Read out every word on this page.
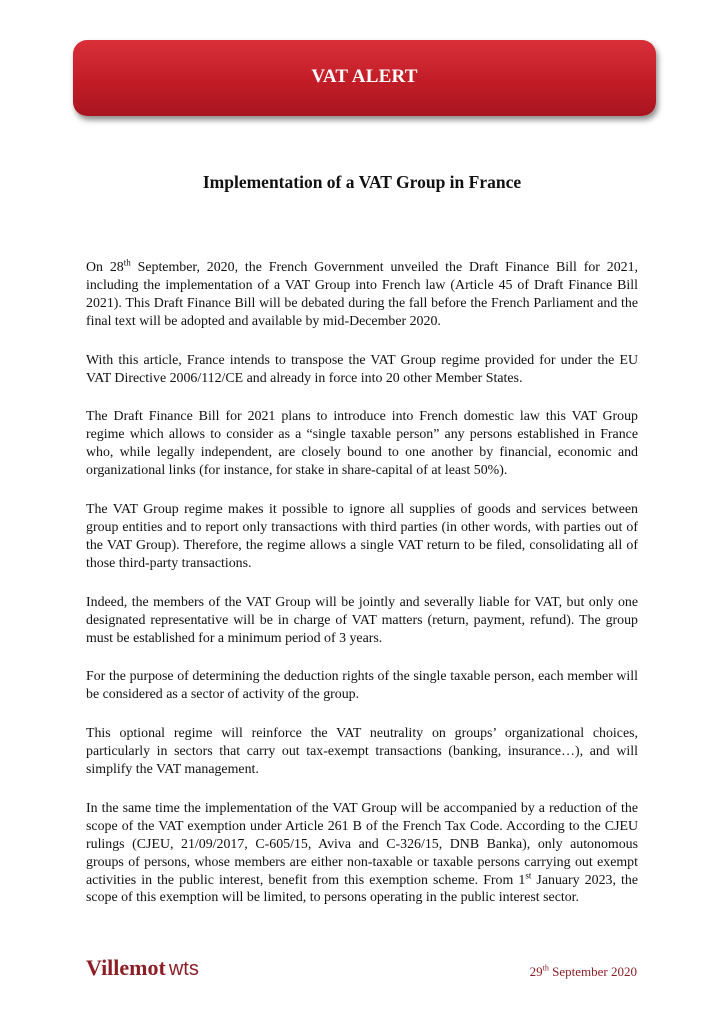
VAT ALERT
Implementation of a VAT Group in France

On 28th September, 2020, the French Government unveiled the Draft Finance Bill for 2021, including the implementation of a VAT Group into French law (Article 45 of Draft Finance Bill 2021). This Draft Finance Bill will be debated during the fall before the French Parliament and the final text will be adopted and available by mid-December 2020.

With this article, France intends to transpose the VAT Group regime provided for under the EU VAT Directive 2006/112/CE and already in force into 20 other Member States.

The Draft Finance Bill for 2021 plans to introduce into French domestic law this VAT Group regime which allows to consider as a “single taxable person” any persons established in France who, while legally independent, are closely bound to one another by financial, economic and organizational links (for instance, for stake in share-capital of at least 50%).

The VAT Group regime makes it possible to ignore all supplies of goods and services between group entities and to report only transactions with third parties (in other words, with parties out of the VAT Group). Therefore, the regime allows a single VAT return to be filed, consolidating all of those third-party transactions.

Indeed, the members of the VAT Group will be jointly and severally liable for VAT, but only one designated representative will be in charge of VAT matters (return, payment, refund). The group must be established for a minimum period of 3 years.

For the purpose of determining the deduction rights of the single taxable person, each member will be considered as a sector of activity of the group.

This optional regime will reinforce the VAT neutrality on groups’ organizational choices, particularly in sectors that carry out tax-exempt transactions (banking, insurance…), and will simplify the VAT management.

In the same time the implementation of the VAT Group will be accompanied by a reduction of the scope of the VAT exemption under Article 261 B of the French Tax Code. According to the CJEU rulings (CJEU, 21/09/2017, C-605/15, Aviva and C-326/15, DNB Banka), only autonomous groups of persons, whose members are either non-taxable or taxable persons carrying out exempt activities in the public interest, benefit from this exemption scheme. From 1st January 2023, the scope of this exemption will be limited, to persons operating in the public interest sector.

Villemot wts	29th September 2020
